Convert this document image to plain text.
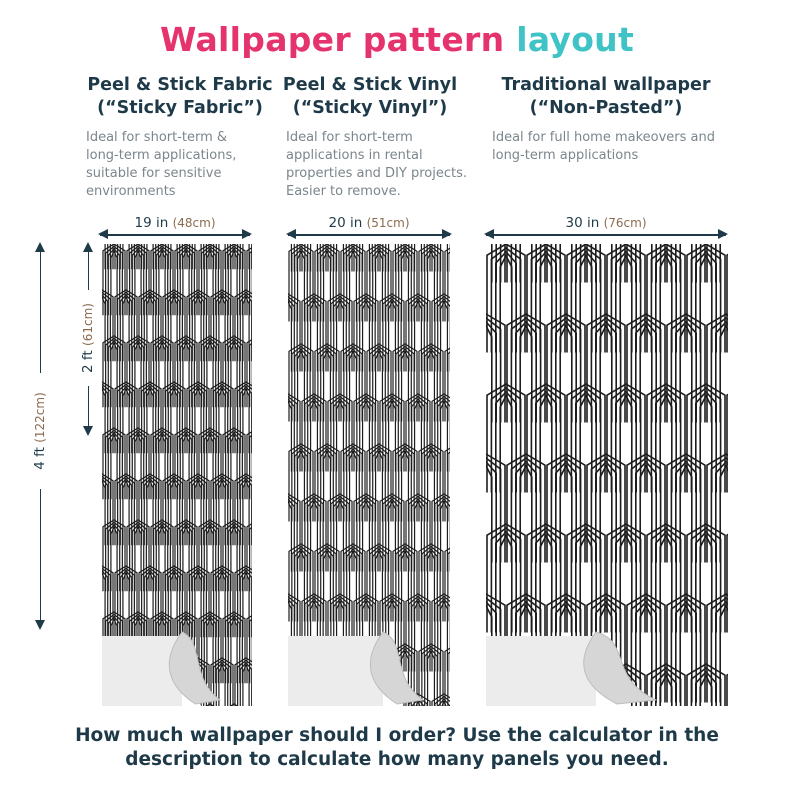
Wallpaper pattern layout
Peel & Stick Fabric
(“Sticky Fabric”)
Peel & Stick Vinyl
(“Sticky Vinyl”)
Traditional wallpaper
(“Non-Pasted”)
Ideal for short-term &
long-term applications,
suitable for sensitive
environments
Ideal for short-term
applications in rental
properties and DIY projects.
Easier to remove.
Ideal for full home makeovers and
long-term applications
19 in (48cm)	20 in (51cm)	30 in (76cm)
2 ft (61cm)
4 ft (122cm)
How much wallpaper should I order? Use the calculator in the
description to calculate how many panels you need.
